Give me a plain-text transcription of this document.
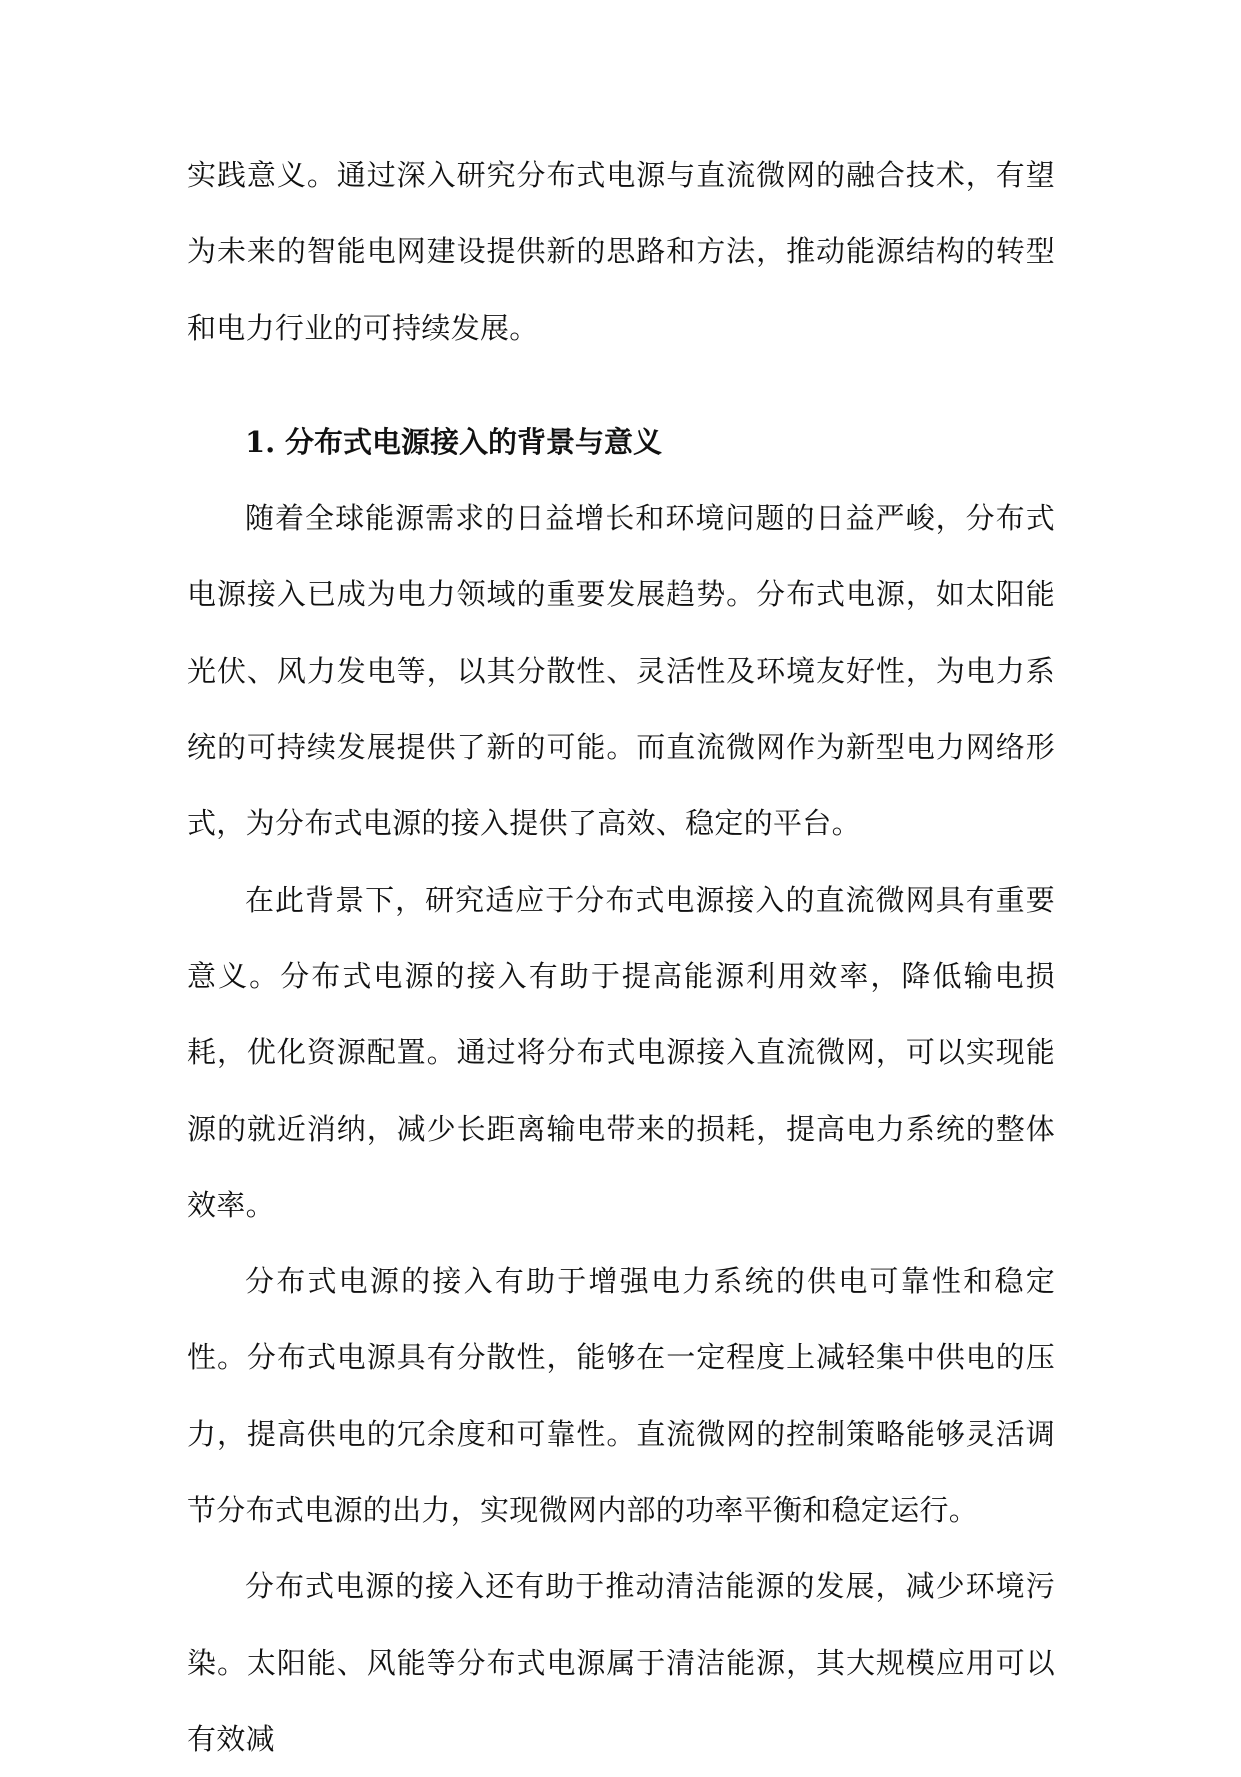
实践意义。通过深入研究分布式电源与直流微网的融合技术，有望为未来的智能电网建设提供新的思路和方法，推动能源结构的转型和电力行业的可持续发展。

1. 分布式电源接入的背景与意义

随着全球能源需求的日益增长和环境问题的日益严峻，分布式电源接入已成为电力领域的重要发展趋势。分布式电源，如太阳能光伏、风力发电等，以其分散性、灵活性及环境友好性，为电力系统的可持续发展提供了新的可能。而直流微网作为新型电力网络形式，为分布式电源的接入提供了高效、稳定的平台。

在此背景下，研究适应于分布式电源接入的直流微网具有重要意义。分布式电源的接入有助于提高能源利用效率，降低输电损耗，优化资源配置。通过将分布式电源接入直流微网，可以实现能源的就近消纳，减少长距离输电带来的损耗，提高电力系统的整体效率。

分布式电源的接入有助于增强电力系统的供电可靠性和稳定性。分布式电源具有分散性，能够在一定程度上减轻集中供电的压力，提高供电的冗余度和可靠性。直流微网的控制策略能够灵活调节分布式电源的出力，实现微网内部的功率平衡和稳定运行。

分布式电源的接入还有助于推动清洁能源的发展，减少环境污染。太阳能、风能等分布式电源属于清洁能源，其大规模应用可以有效减
